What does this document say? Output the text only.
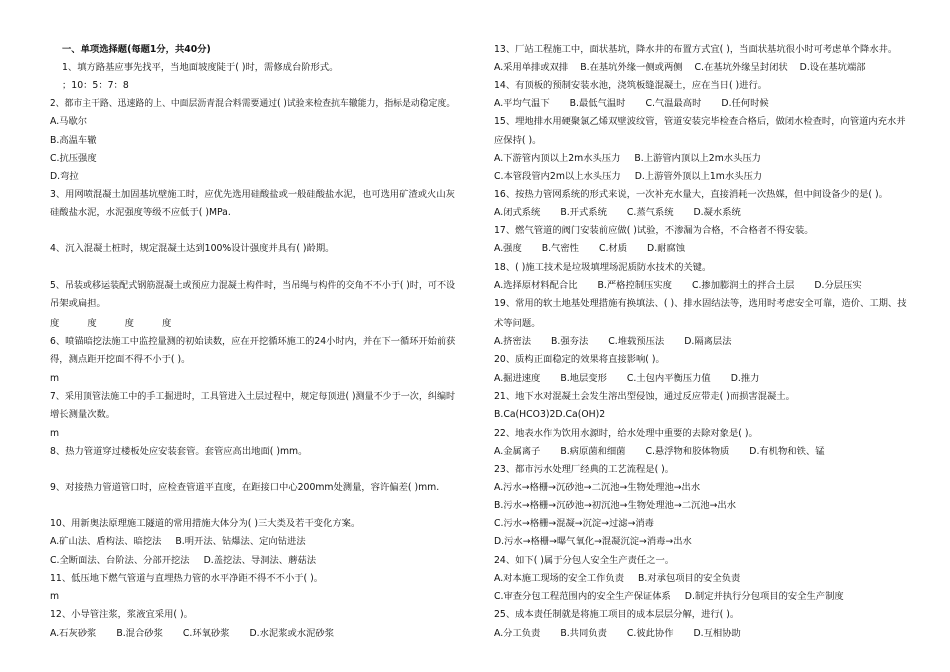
一、单项选择题(每题1分，共40分)
1、填方路基应事先找平，当地面坡度陡于( )时，需修成台阶形式。
；10：5：7：8
2、都市主干路、迅速路的上、中面层沥青混合料需要通过( )试验来检查抗车辙能力，指标是动稳定度。
A.马歇尔
B.高温车辙
C.抗压强度
D.弯拉
3、用网喷混凝土加固基坑壁施工时，应优先选用硅酸盐或一般硅酸盐水泥，也可选用矿渣或火山灰
硅酸盐水泥，水泥强度等级不应低于( )MPa.
4、沉入混凝土桩时，规定混凝土达到100%设计强度并具有( )龄期。
5、吊装或移运装配式钢筋混凝土或预应力混凝土构件时，当吊绳与构件的交角不不小于( )时，可不设
吊架或扁担。
度	度	度	度
6、喷锚暗挖法施工中监控量测的初始读数，应在开挖循环施工的24小时内，并在下一循环开始前获
得，测点距开挖面不得不小于( )。
m
7、采用顶管法施工中的手工掘进时，工具管进入土层过程中，规定每顶进( )测量不少于一次，纠编时
增长测量次数。
m
8、热力管道穿过楼板处应安装套管。套管应高出地面( )mm。
9、对接热力管道管口时，应检查管道平直度，在距接口中心200mm处测量，容许偏差( )mm.
10、用新奥法原理施工隧道的常用措施大体分为( )三大类及若干变化方案。
A.矿山法、盾构法、暗挖法 B.明开法、钻爆法、定向钻进法
C.全断面法、台阶法、分部开挖法 D.盖挖法、导洞法、蘑菇法
11、低压地下燃气管道与直埋热力管的水平净距不得不不小于( )。
m
12、小导管注浆，浆液宜采用( )。
A.石灰砂浆 B.混合砂浆 C.环氧砂浆 D.水泥浆或水泥砂浆
13、厂站工程施工中，面状基坑，降水井的布置方式宜( )，当面状基坑很小时可考虑单个降水井。
A.采用单排或双排 B.在基坑外缘一侧或两侧 C.在基坑外缘呈封闭状 D.设在基坑端部
14、有顶板的预制安装水池，浇筑板缝混凝土，应在当日( )进行。
A.平均气温下 B.最低气温时 C.气温最高时 D.任何时候
15、埋地排水用硬聚氯乙烯双壁波纹管，管道安装完毕检查合格后，做闭水检查时，向管道内充水并
应保持( )。
A.下游管内顶以上2m水头压力 B.上游管内顶以上2m水头压力
C.本管段管内2m以上水头压力 D.上游管外顶以上1m水头压力
16、按热力管网系统的形式来说，一次补充水量大，直接消耗一次热媒，但中间设备少的是( )。
A.闭式系统 B.开式系统 C.蒸气系统 D.凝水系统
17、燃气管道的阀门安装前应做( )试验，不渗漏为合格，不合格者不得安装。
A.强度 B.气密性 C.材质 D.耐腐蚀
18、( )施工技术是垃圾填埋场泥质防水技术的关键。
A.选择原材料配合比 B.严格控制压实度 C.掺加膨润土的拌合土层 D.分层压实
19、常用的软土地基处理措施有换填法、( )、排水固结法等，选用时考虑安全可靠，造价、工期、技
术等问题。
A.挤密法 B.强夯法 C.堆载预压法 D.隔离层法
20、质构正面稳定的效果将直接影响( )。
A.掘进速度 B.地层变形 C.土包内平衡压力值 D.推力
21、地下水对混凝土会发生溶出型侵蚀，通过反应带走( )而损害混凝土。
B.Ca(HCO3)2D.Ca(OH)2
22、地表水作为饮用水源时，给水处理中重要的去除对象是( )。
A.金属离子 B.病原菌和细菌 C.悬浮物和胶体物质 D.有机物和铁、锰
23、都市污水处理厂经典的工艺流程是( )。
A.污水→格栅→沉砂池→二沉池→生物处理池→出水
B.污水→格栅→沉砂池→初沉池→生物处理池→二沉池→出水
C.污水→格栅→混凝→沉淀→过滤→消毒
D.污水→格栅→曝气氧化→混凝沉淀→消毒→出水
24、如下( )属于分包人安全生产责任之一。
A.对本施工现场的安全工作负责 B.对承包项目的安全负责
C.审查分包工程范围内的安全生产保证体系 D.制定并执行分包项目的安全生产制度
25、成本责任制就是将施工项目的成本层层分解，进行( )。
A.分工负责 B.共同负责 C.彼此协作 D.互相协助
